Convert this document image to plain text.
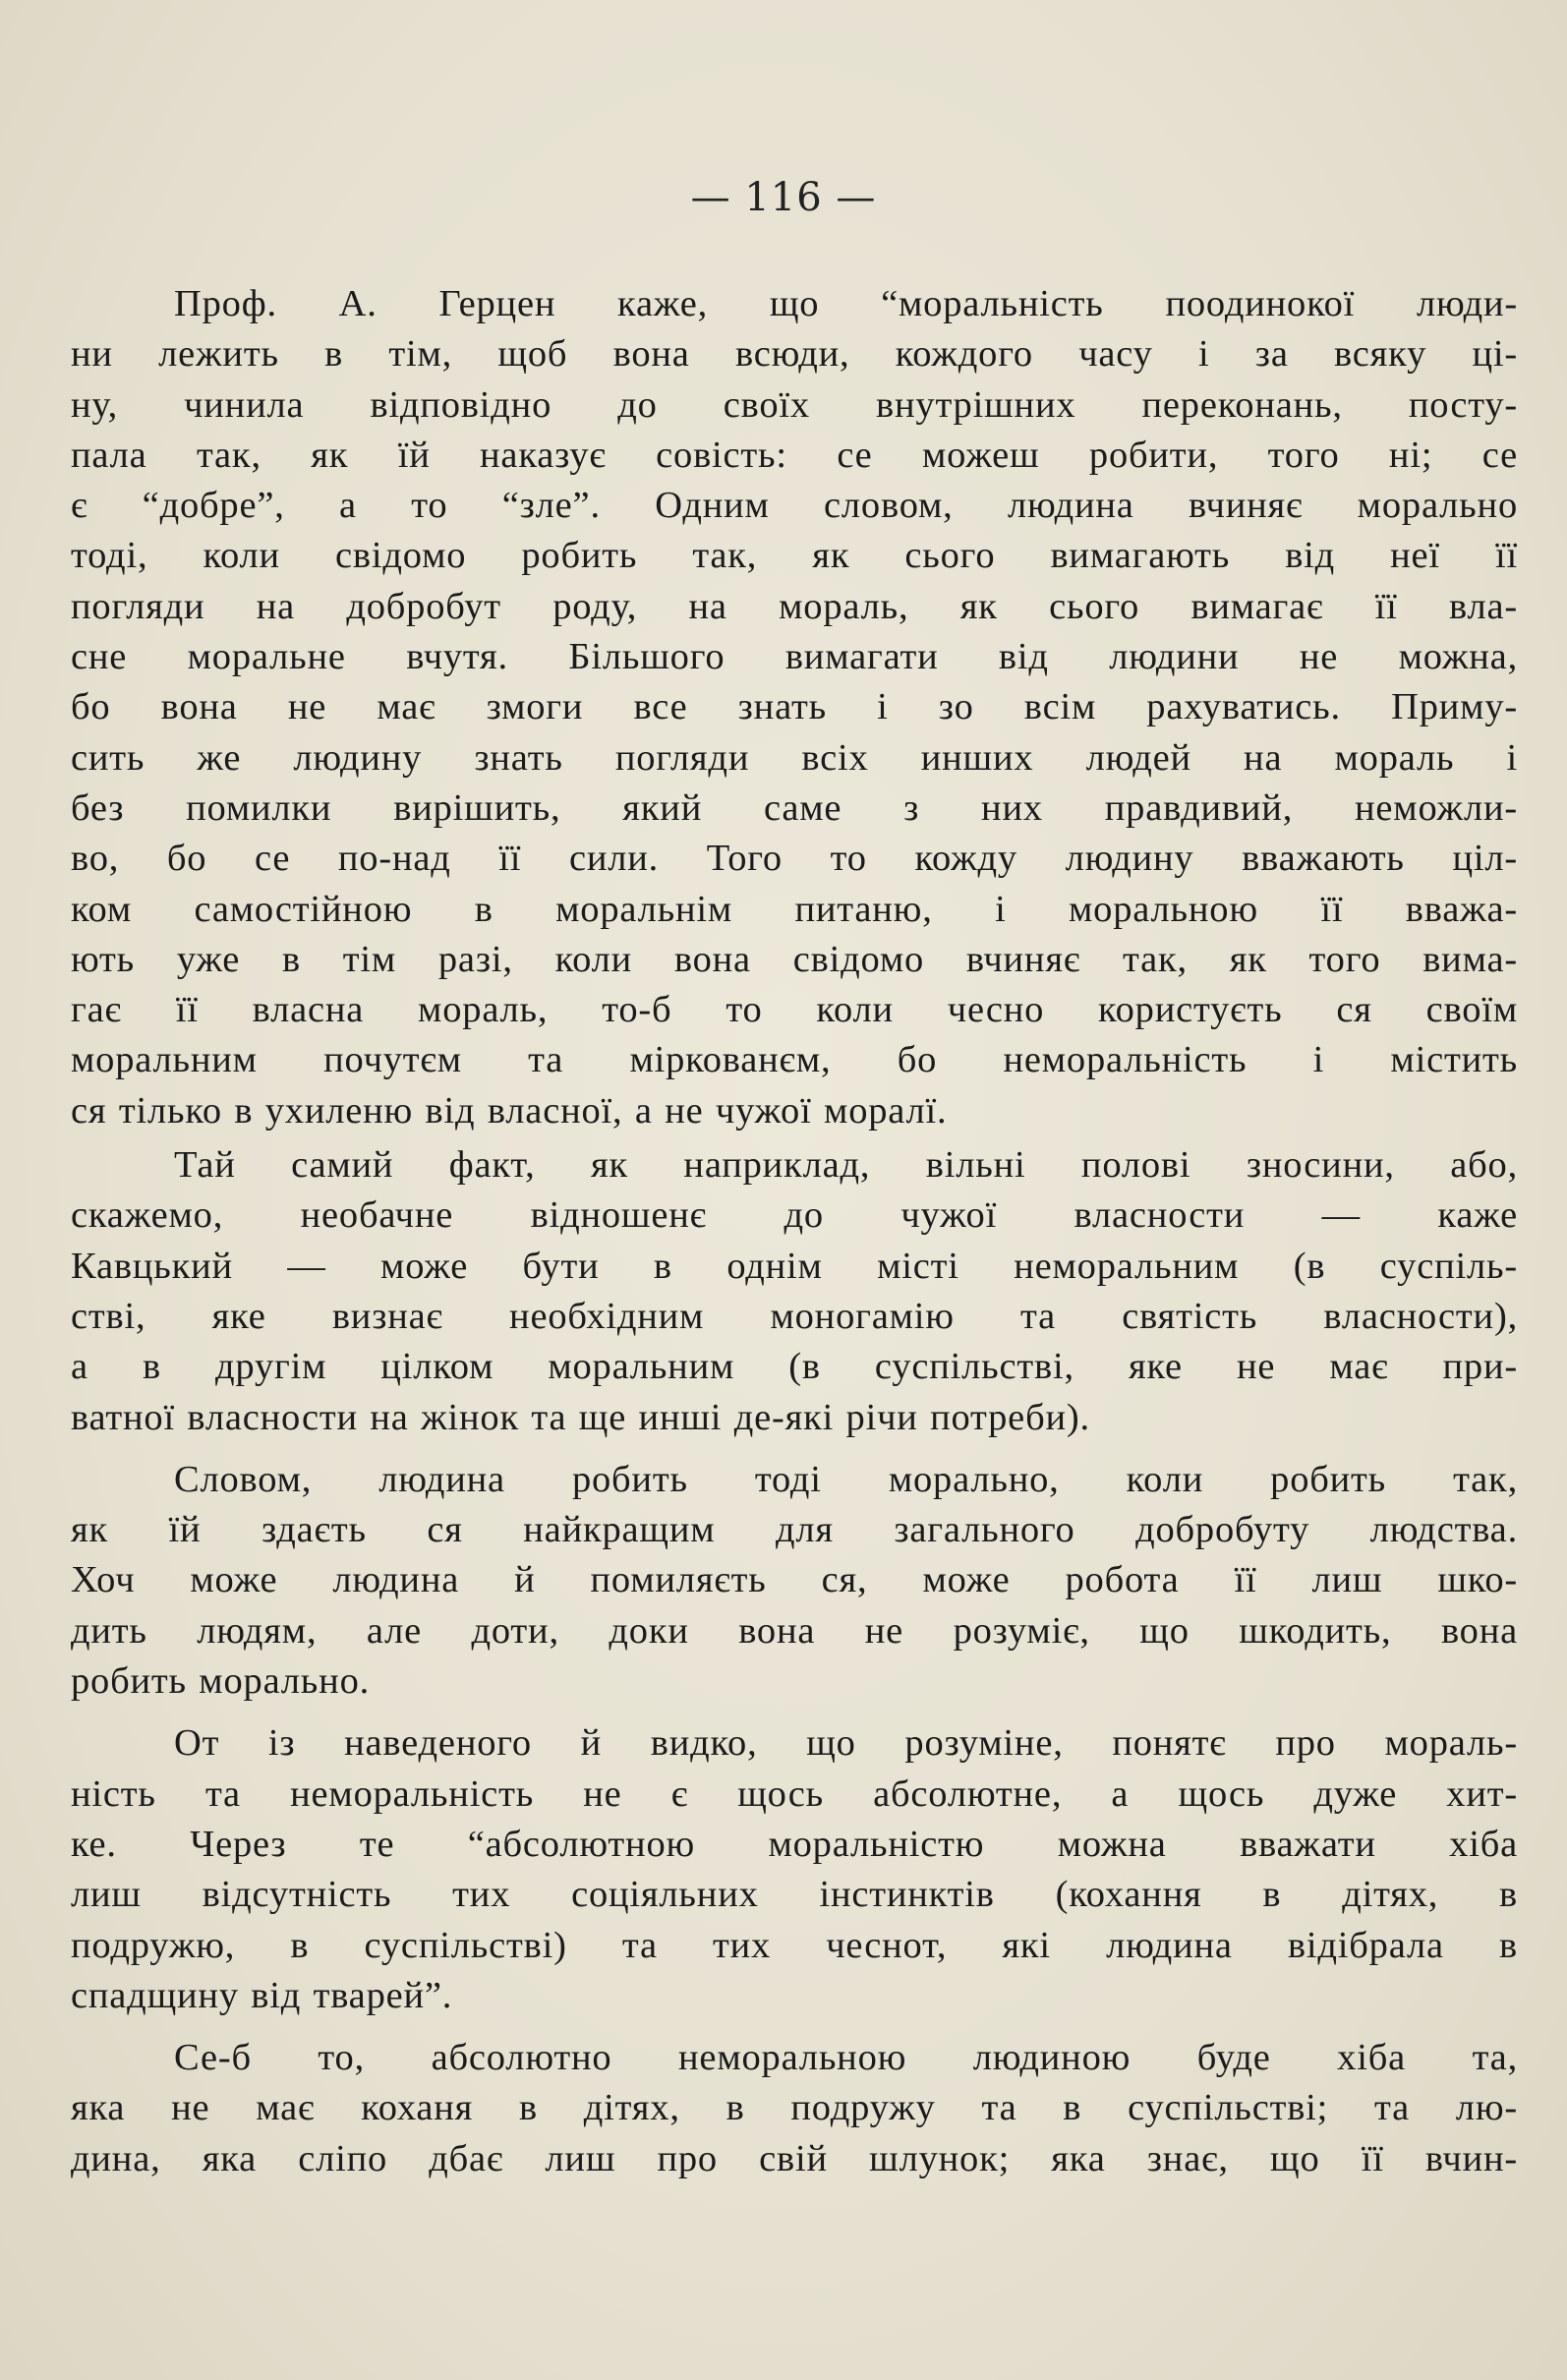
— 116 —
Проф. А. Герцен каже, що “моральність поодинокої люди-
ни лежить в тім, щоб вона всюди, кождого часу і за всяку ці-
ну, чинила відповідно до своїх внутрішних переконань, посту-
пала так, як їй наказує совість: се можеш робити, того ні; се
є “добре”, а то “зле”. Одним словом, людина вчиняє морально
тоді, коли свідомо робить так, як сього вимагають від неї її
погляди на добробут роду, на мораль, як сього вимагає її вла-
сне моральне вчутя. Більшого вимагати від людини не можна,
бо вона не має змоги все знать і зо всім рахуватись. Приму-
сить же людину знать погляди всіх инших людей на мораль і
без помилки вирішить, який саме з них правдивий, неможли-
во, бо се по-над її сили. Того то кожду людину вважають ціл-
ком самостійною в моральнім питаню, і моральною її вважа-
ють уже в тім разі, коли вона свідомо вчиняє так, як того вима-
гає її власна мораль, то-б то коли чесно користуєть ся своїм
моральним почутєм та міркованєм, бо неморальність і містить
ся тілько в ухиленю від власної, а не чужої моралї.
Тай самий факт, як наприклад, вільні полові зносини, або,
скажемо, необачне відношенє до чужої власности — каже
Кавцький — може бути в однім місті неморальним (в суспіль-
стві, яке визнає необхідним моногамію та святість власности),
а в другім цілком моральним (в суспільстві, яке не має при-
ватної власности на жінок та ще инші де-які річи потреби).
Словом, людина робить тоді морально, коли робить так,
як їй здаєть ся найкращим для загального добробуту людства.
Хоч може людина й помиляєть ся, може робота її лиш шко-
дить людям, але доти, доки вона не розуміє, що шкодить, вона
робить морально.
От із наведеного й видко, що розуміне, понятє про мораль-
ність та неморальність не є щось абсолютне, а щось дуже хит-
ке. Через те “абсолютною моральністю можна вважати хіба
лиш відсутність тих соціяльних інстинктів (кохання в дітях, в
подружю, в суспільстві) та тих чеснот, які людина відібрала в
спадщину від тварей”.
Се-б то, абсолютно неморальною людиною буде хіба та,
яка не має коханя в дітях, в подружу та в суспільстві; та лю-
дина, яка сліпо дбає лиш про свій шлунок; яка знає, що її вчин-
